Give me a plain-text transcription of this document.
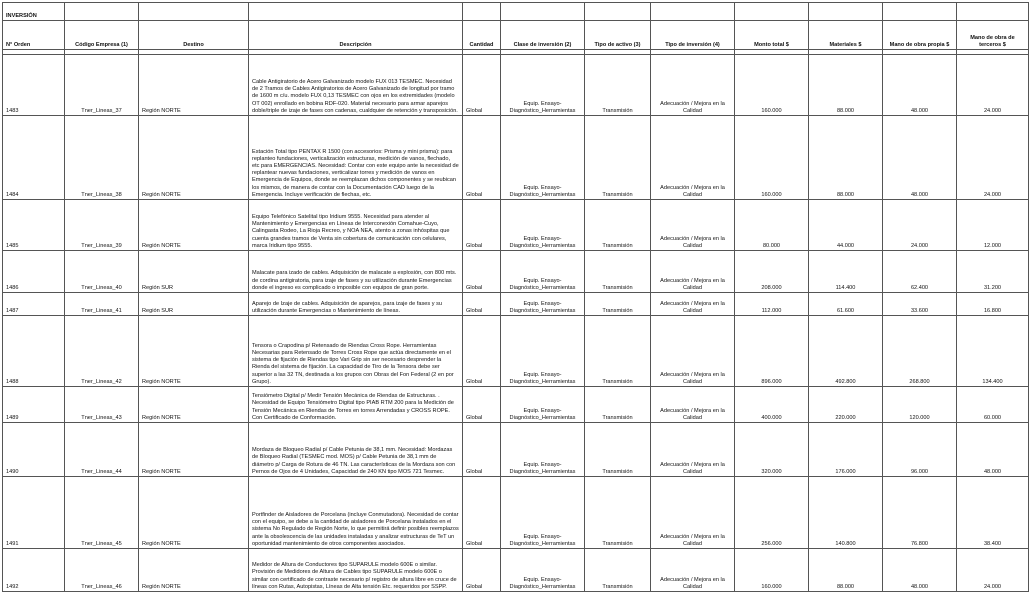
INVERSIÓN											
N° Orden	Código Empresa (1)	Destino	Descripción	Cantidad	Clase de inversión (2)	Tipo de activo (3)	Tipo de inversión (4)	Monto total $	Materiales $	Mano de obra propia $	Mano de obra de terceros $

1483	Tner_Lineas_37	Región NORTE	Cable Antigiratorio de Acero Galvanizado modelo FUX 013 TESMEC. Necesidad de 2 Tramos de Cables Antigiratorios de Acero Galvanizado de longitud por tramo de 1600 m c/u. modelo FUX 0,13 TESMEC con ojos en los extremidades (modelo OT 002) enrollado en bobina RDF-020. Material necesario para armar aparejos doble/triple de izaje de fases con cadenas, cualdquier de retención y transposición.	Global	Equip. Ensayo-Diagnóstico_Herramientas	Transmisión	Adecuación / Mejora en la Calidad	160.000	88.000	48.000	24.000
1484	Tner_Lineas_38	Región NORTE	Estación Total tipo PENTAX R 1500 (con accesorios: Prisma y mini prisma): para replanteo fundaciones, verticalización estructuras, medición de vanos, flechado, etc para EMERGENCIAS. Necesidad: Contar con este equipo ante la necesidad de replantear nuevas fundaciones, verticalizar torres y medición de vanos en Emergencia de Equipos, donde se reemplazan dichos componentes y se reubican los mismos, de manera de contar con la Documentación CAD luego de la Emergencia. Incluye verificación de flechas, etc.	Global	Equip. Ensayo-Diagnóstico_Herramientas	Transmisión	Adecuación / Mejora en la Calidad	160.000	88.000	48.000	24.000
1485	Tner_Lineas_39	Región NORTE	Equipo Telefónico Satelital tipo Iridium 9555. Necesidad para atender al Mantenimiento y Emergencias en Líneas de Interconexión Comahue-Cuyo, Calingasta Rodeo, La Rioja Recreo, y NOA NEA, atento a zonas inhóspitas que cuenta grandes tramos de Venta sin cobertura de comunicación con celulares, marca Iridium tipo 9555.	Global	Equip. Ensayo-Diagnóstico_Herramientas	Transmisión	Adecuación / Mejora en la Calidad	80.000	44.000	24.000	12.000
1486	Tner_Lineas_40	Región SUR	Malacate para izado de cables. Adquisición de malacate a explosión, con 800 mts. de cordina antigiratoria, para izaje de fases y su utilización durante Emergencias donde el ingreso es complicado o imposible con equipos de gran porte.	Global	Equip. Ensayo-Diagnóstico_Herramientas	Transmisión	Adecuación / Mejora en la Calidad	208.000	114.400	62.400	31.200
1487	Tner_Lineas_41	Región SUR	Aparejo de Izaje de cables. Adquisición de aparejos, para izaje de fases y su utilización durante Emergencias o Mantenimiento de líneas.	Global	Equip. Ensayo-Diagnóstico_Herramientas	Transmisión	Adecuación / Mejora en la Calidad	112.000	61.600	33.600	16.800
1488	Tner_Lineas_42	Región NORTE	Tensora o Crapodina p/ Retensado de Riendas Cross Rope. Herramientas Necesarias para Retensado de Torres Cross Rope que actúa directamente en el sistema de fijación de Riendas tipo Vari Grip sin ser necesario desprender la Rienda del sistema de fijación. La capacidad de Tiro de la Tensora debe ser superior a las 32 TN, destinada a los grupos con Obras del Fon Federal (2 en por Grupo).	Global	Equip. Ensayo-Diagnóstico_Herramientas	Transmisión	Adecuación / Mejora en la Calidad	896.000	492.800	268.800	134.400
1489	Tner_Lineas_43	Región NORTE	Tensiómetro Digital p/ Medir Tensión Mecánica de Riendas de Estructuras. . Necesidad de Equipo Tensiómetro Digital tipo PIAB RTM 200 para la Medición de Tensión Mecánica en Riendas de Torres en torres Arrendadas y CROSS ROPE. Con Certificado de Conformación.	Global	Equip. Ensayo-Diagnóstico_Herramientas	Transmisión	Adecuación / Mejora en la Calidad	400.000	220.000	120.000	60.000
1490	Tner_Lineas_44	Región NORTE	Mordaza de Bloqueo Radial p/ Cable Petunia de 38,1 mm. Necesidad: Mordazas de Bloqueo Radial (TESMEC mod. MOS) p/ Cable Petunia de 38,1 mm de diámetro p/ Carga de Rotura de 46 TN. Las características de la Mordaza son con Pernos de Ojos de 4 Unidades, Capacidad de 240 KN tipo MOS 721 Tesmec.	Global	Equip. Ensayo-Diagnóstico_Herramientas	Transmisión	Adecuación / Mejora en la Calidad	320.000	176.000	96.000	48.000
1491	Tner_Lineas_45	Región NORTE	Portfinder de Aisladores de Porcelana (incluye Conmutadora). Necesidad de contar con el equipo, se debe a la cantidad de aisladores de Porcelana instalados en el sistema No Regulado de Región Norte, lo que permitirá definir posibles reemplazos ante la obsolescencia de las unidades instaladas y analizar estructuras de TeT un oportunidad mantenimiento de otros componentes asociados.	Global	Equip. Ensayo-Diagnóstico_Herramientas	Transmisión	Adecuación / Mejora en la Calidad	256.000	140.800	76.800	38.400
1492	Tner_Lineas_46	Región NORTE	Medidor de Altura de Conductores tipo SUPARULE modelo 600E o similar. Provisión de Medidores de Altura de Cables tipo SUPARULE modelo 600E o similar con certificado de contraste necesario p/ registro de altura libre en cruce de líneas con Rutas, Autopistas, Líneas de Alta tensión Etc. requeridos por SSPP.	Global	Equip. Ensayo-Diagnóstico_Herramientas	Transmisión	Adecuación / Mejora en la Calidad	160.000	88.000	48.000	24.000
